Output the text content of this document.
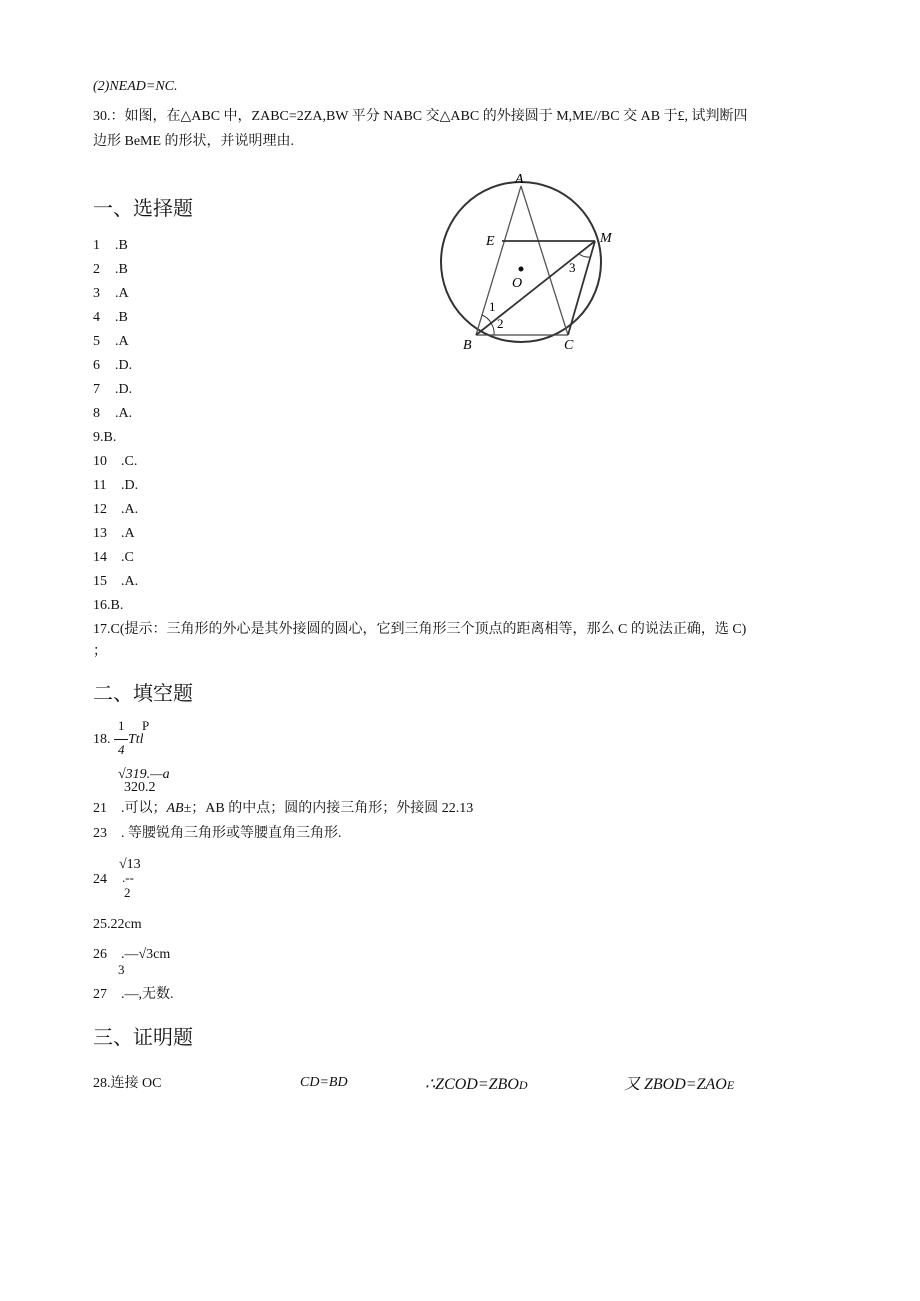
(2)NEAD=NC.
30.：如图，在△ABC 中，ZABC=2ZA,BW 平分 NABC 交△ABC 的外接圆于 M,ME//BC 交 AB 于£, 试判断四
边形 BeME 的形状，并说明理由.
A
E	M
O
B	C
1
2
3
一、选择题
1 .B
2 .B
3 .A
4 .B
5 .A
6 .D.
7 .D.
8 .A.
9.B.
10 .C.
11 .D.
12 .A.
13 .A
14 .C
15 .A.
16.B.
17.C(提示：三角形的外心是其外接圆的圆心，它到三角形三个顶点的距离相等，那么 C 的说法正确，选 C)
；
二、填空题
18.
1
4
Ttl
P
√319.—a
320.2
21 .可以；AB±；AB 的中点；圆的内接三角形；外接圆 22.13
23 . 等腰锐角三角形或等腰直角三角形.
√13
24 .--
2
25.22cm
26 .—√3cm
3
27 .—,无数.
三、证明题
28.连接 OC	CD=BD	∴ZCOD=ZBOD	又 ZBOD=ZAOE
